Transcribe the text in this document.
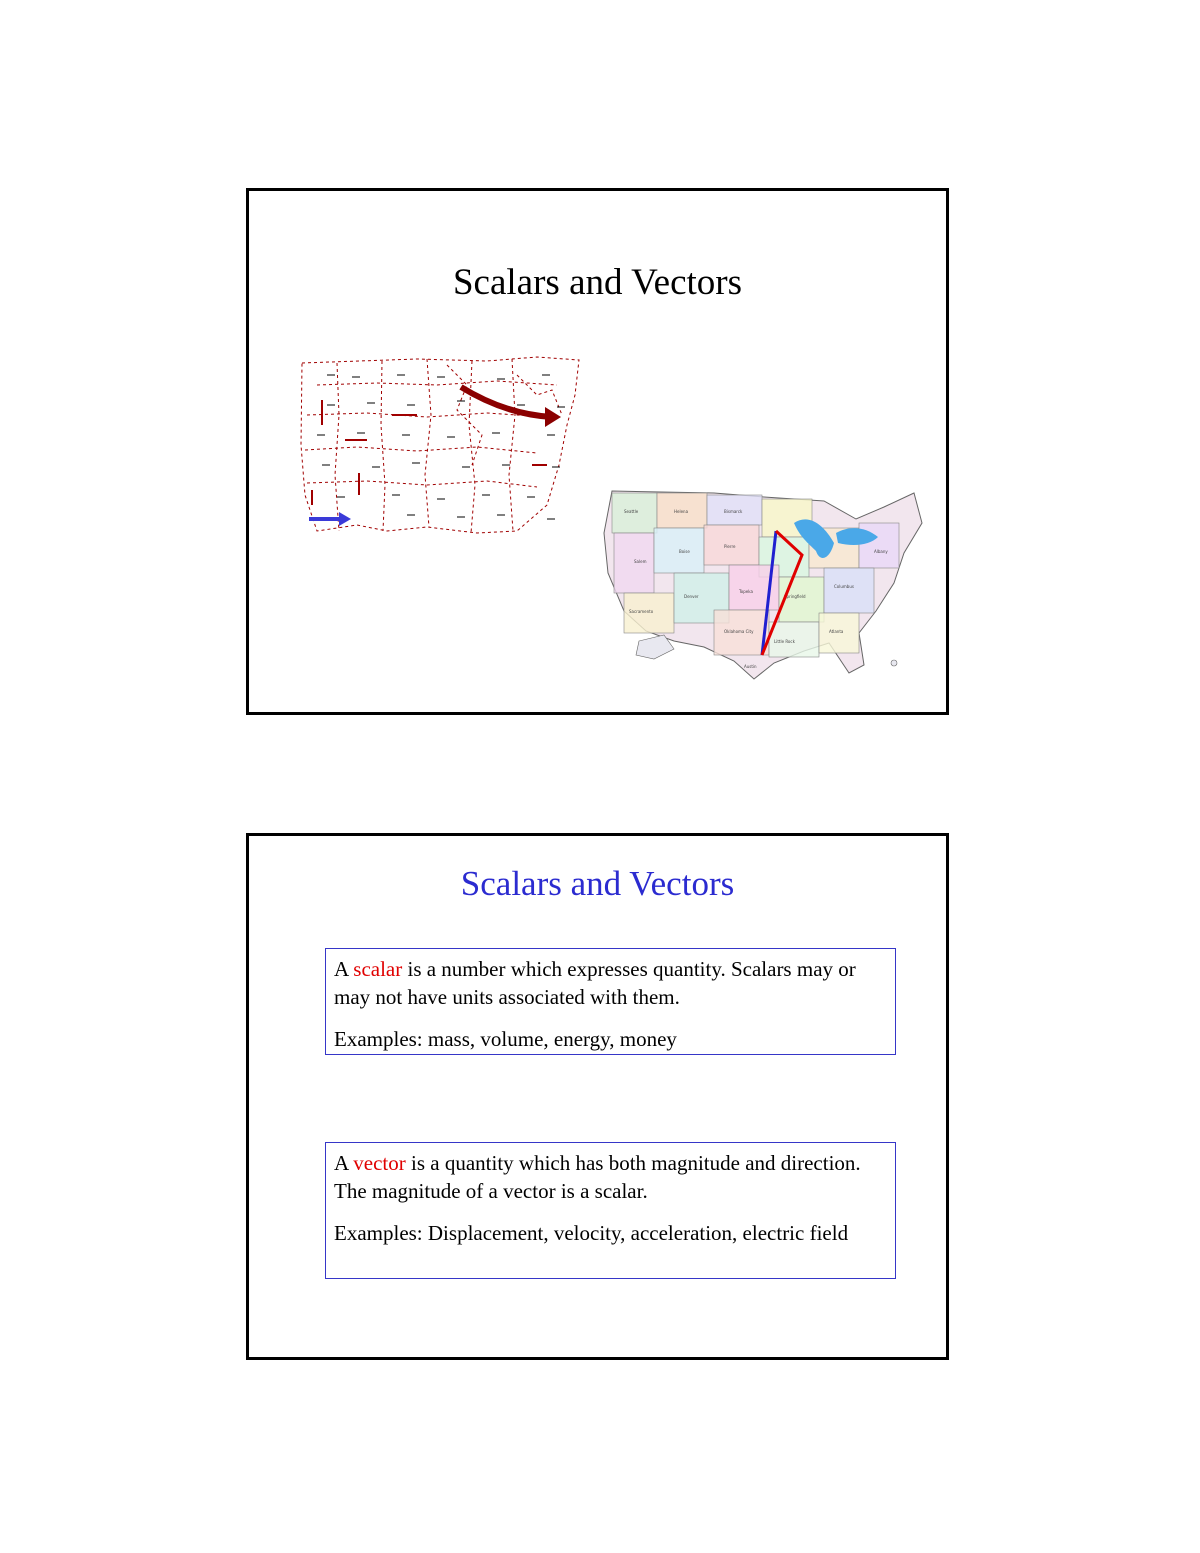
Scalars and Vectors
Seattle	Helena	Bismarck
Salem
Boise
Pierre
Sacramento
Denver
Topeka
Springfield
Columbus
Albany
Oklahoma City
Little Rock
Atlanta
Austin
Scalars and Vectors

A scalar is a number which expresses quantity. Scalars may or may not have units associated with them.

Examples: mass, volume, energy, money

A vector is a quantity which has both magnitude and direction. The magnitude of a vector is a scalar.

Examples: Displacement, velocity, acceleration, electric field
